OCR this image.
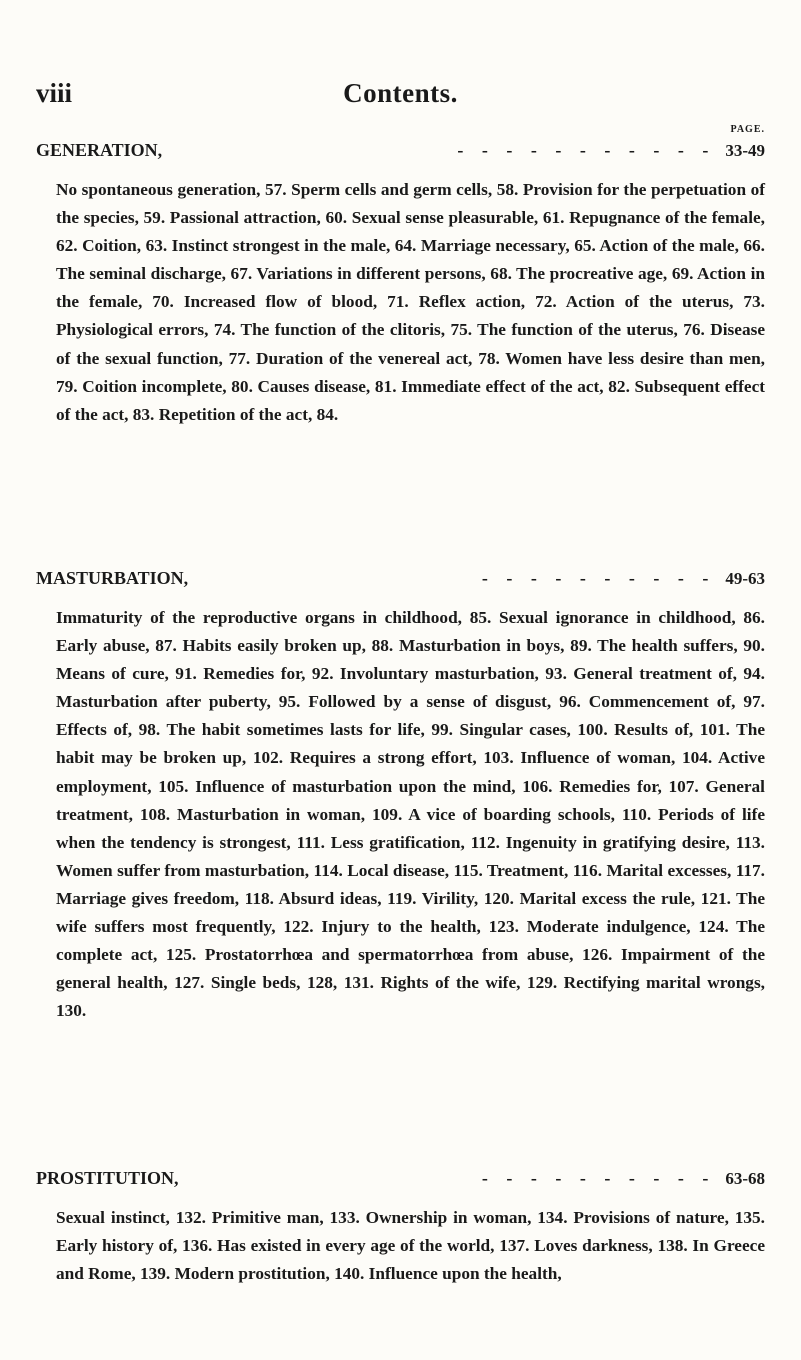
viii	Contents.
PAGE.
GENERATION,	- - - - - - - - - - - 33-49

No spontaneous generation, 57. Sperm cells and germ cells, 58. Provision for the perpetuation of the species, 59. Passional attraction, 60. Sexual sense pleasurable, 61. Repugnance of the female, 62. Coition, 63. Instinct strongest in the male, 64. Marriage necessary, 65. Action of the male, 66. The seminal discharge, 67. Variations in different persons, 68. The procreative age, 69. Action in the female, 70. Increased flow of blood, 71. Reflex action, 72. Action of the uterus, 73. Physiological errors, 74. The function of the clitoris, 75. The function of the uterus, 76. Disease of the sexual function, 77. Duration of the venereal act, 78. Women have less desire than men, 79. Coition incomplete, 80. Causes disease, 81. Immediate effect of the act, 82. Subsequent effect of the act, 83. Repetition of the act, 84.

MASTURBATION,	- - - - - - - - - - 49-63

Immaturity of the reproductive organs in childhood, 85. Sexual ignorance in childhood, 86. Early abuse, 87. Habits easily broken up, 88. Masturbation in boys, 89. The health suffers, 90. Means of cure, 91. Remedies for, 92. Involuntary masturbation, 93. General treatment of, 94. Masturbation after puberty, 95. Followed by a sense of disgust, 96. Commencement of, 97. Effects of, 98. The habit sometimes lasts for life, 99. Singular cases, 100. Results of, 101. The habit may be broken up, 102. Requires a strong effort, 103. Influence of woman, 104. Active employment, 105. Influence of masturbation upon the mind, 106. Remedies for, 107. General treatment, 108. Masturbation in woman, 109. A vice of boarding schools, 110. Periods of life when the tendency is strongest, 111. Less gratification, 112. Ingenuity in gratifying desire, 113. Women suffer from masturbation, 114. Local disease, 115. Treatment, 116. Marital excesses, 117. Marriage gives freedom, 118. Absurd ideas, 119. Virility, 120. Marital excess the rule, 121. The wife suffers most frequently, 122. Injury to the health, 123. Moderate indulgence, 124. The complete act, 125. Prostatorrhœa and spermatorrhœa from abuse, 126. Impairment of the general health, 127. Single beds, 128, 131. Rights of the wife, 129. Rectifying marital wrongs, 130.

PROSTITUTION,	- - - - - - - - - - 63-68

Sexual instinct, 132. Primitive man, 133. Ownership in woman, 134. Provisions of nature, 135. Early history of, 136. Has existed in every age of the world, 137. Loves darkness, 138. In Greece and Rome, 139. Modern prostitution, 140. Influence upon the health,
